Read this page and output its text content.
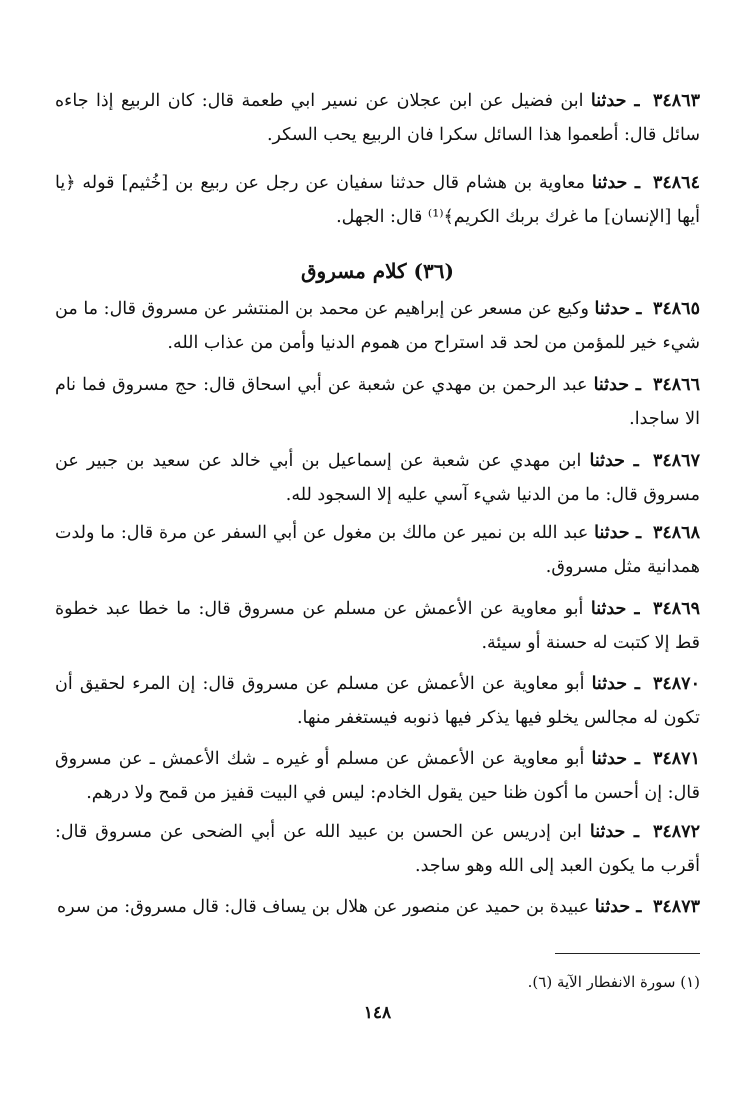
٣٤٨٦٣ ـ حدثنا ابن فضيل عن ابن عجلان عن نسير ابي طعمة قال: كان الربيع إذا جاءه سائل قال: أطعموا هذا السائل سكرا فان الربيع يحب السكر.
٣٤٨٦٤ ـ حدثنا معاوية بن هشام قال حدثنا سفيان عن رجل عن ربيع بن [خُثيم] قوله ﴿يا أيها [الإنسان] ما غرك بربك الكريم﴾⁽¹⁾ قال: الجهل.
(٣٦) كلام مسروق
٣٤٨٦٥ ـ حدثنا وكيع عن مسعر عن إبراهيم عن محمد بن المنتشر عن مسروق قال: ما من شيء خير للمؤمن من لحد قد استراح من هموم الدنيا وأمن من عذاب الله.
٣٤٨٦٦ ـ حدثنا عبد الرحمن بن مهدي عن شعبة عن أبي اسحاق قال: حج مسروق فما نام الا ساجدا.
٣٤٨٦٧ ـ حدثنا ابن مهدي عن شعبة عن إسماعيل بن أبي خالد عن سعيد بن جبير عن مسروق قال: ما من الدنيا شيء آسي عليه إلا السجود لله.
٣٤٨٦٨ ـ حدثنا عبد الله بن نمير عن مالك بن مغول عن أبي السفر عن مرة قال: ما ولدت همدانية مثل مسروق.
٣٤٨٦٩ ـ حدثنا أبو معاوية عن الأعمش عن مسلم عن مسروق قال: ما خطا عبد خطوة قط إلا كتبت له حسنة أو سيئة.
٣٤٨٧٠ ـ حدثنا أبو معاوية عن الأعمش عن مسلم عن مسروق قال: إن المرء لحقيق أن تكون له مجالس يخلو فيها يذكر فيها ذنوبه فيستغفر منها.
٣٤٨٧١ ـ حدثنا أبو معاوية عن الأعمش عن مسلم أو غيره ـ شك الأعمش ـ عن مسروق قال: إن أحسن ما أكون ظنا حين يقول الخادم: ليس في البيت قفيز من قمح ولا درهم.
٣٤٨٧٢ ـ حدثنا ابن إدريس عن الحسن بن عبيد الله عن أبي الضحى عن مسروق قال: أقرب ما يكون العبد إلى الله وهو ساجد.
٣٤٨٧٣ ـ حدثنا عبيدة بن حميد عن منصور عن هلال بن يساف قال: قال مسروق: من سره
(١) سورة الانفطار الآية (٦).
١٤٨
